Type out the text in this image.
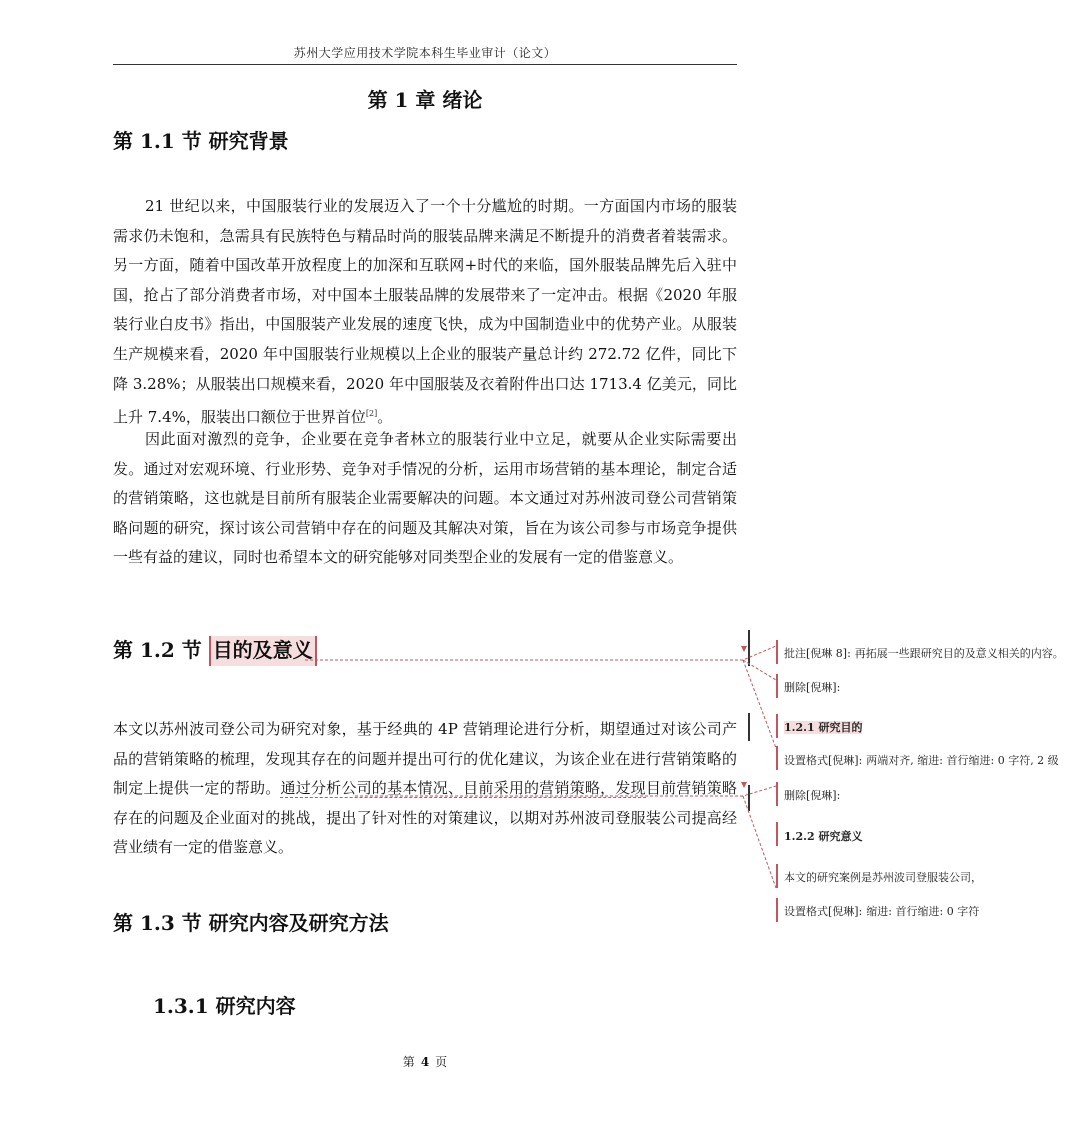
苏州大学应用技术学院本科生毕业审计（论文）
第 1 章 绪论
第 1.1 节 研究背景

21 世纪以来，中国服装行业的发展迈入了一个十分尴尬的时期。一方面国内市场的服装需求仍未饱和，急需具有民族特色与精品时尚的服装品牌来满足不断提升的消费者着装需求。另一方面，随着中国改革开放程度上的加深和互联网+时代的来临，国外服装品牌先后入驻中国，抢占了部分消费者市场，对中国本土服装品牌的发展带来了一定冲击。根据《2020 年服装行业白皮书》指出，中国服装产业发展的速度飞快，成为中国制造业中的优势产业。从服装生产规模来看，2020 年中国服装行业规模以上企业的服装产量总计约 272.72 亿件，同比下降 3.28%；从服装出口规模来看，2020 年中国服装及衣着附件出口达 1713.4 亿美元，同比上升 7.4%，服装出口额位于世界首位[2]。

因此面对激烈的竞争，企业要在竞争者林立的服装行业中立足，就要从企业实际需要出发。通过对宏观环境、行业形势、竞争对手情况的分析，运用市场营销的基本理论，制定合适的营销策略，这也就是目前所有服装企业需要解决的问题。本文通过对苏州波司登公司营销策略问题的研究，探讨该公司营销中存在的问题及其解决对策，旨在为该公司参与市场竞争提供一些有益的建议，同时也希望本文的研究能够对同类型企业的发展有一定的借鉴意义。

第 1.2 节 目的及意义

本文以苏州波司登公司为研究对象，基于经典的 4P 营销理论进行分析，期望通过对该公司产品的营销策略的梳理，发现其存在的问题并提出可行的优化建议，为该企业在进行营销策略的制定上提供一定的帮助。通过分析公司的基本情况、目前采用的营销策略，发现目前营销策略存在的问题及企业面对的挑战，提出了针对性的对策建议，以期对苏州波司登服装公司提高经营业绩有一定的借鉴意义。

第 1.3 节 研究内容及研究方法
1.3.1 研究内容
第 4 页
批注[倪琳 8]: 再拓展一些跟研究目的及意义相关的内容。
删除[倪琳]:
1.2.1 研究目的
设置格式[倪琳]: 两端对齐, 缩进: 首行缩进: 0 字符, 2 级
删除[倪琳]:
1.2.2 研究意义
本文的研究案例是苏州波司登服装公司，
设置格式[倪琳]: 缩进: 首行缩进: 0 字符
